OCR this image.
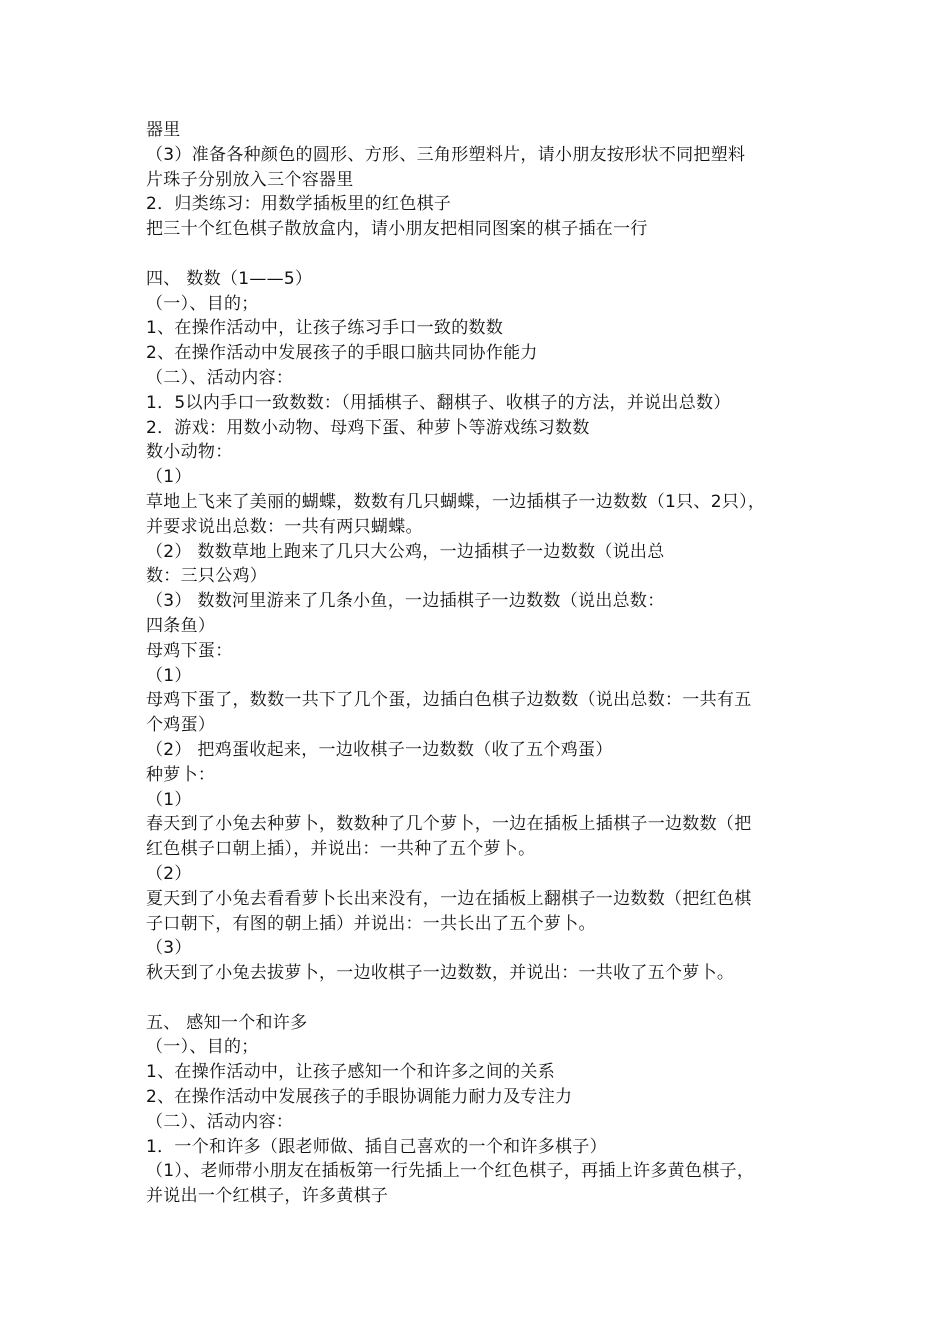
器里
（3）准备各种颜色的圆形、方形、三角形塑料片，请小朋友按形状不同把塑料
片珠子分别放入三个容器里
2．归类练习：用数学插板里的红色棋子
把三十个红色棋子散放盒内，请小朋友把相同图案的棋子插在一行
四、 数数（1——5）
（一）、目的；
1、在操作活动中，让孩子练习手口一致的数数
2、在操作活动中发展孩子的手眼口脑共同协作能力
（二）、活动内容：
1．5以内手口一致数数：（用插棋子、翻棋子、收棋子的方法，并说出总数）
2．游戏：用数小动物、母鸡下蛋、种萝卜等游戏练习数数
数小动物：
（1）
草地上飞来了美丽的蝴蝶，数数有几只蝴蝶，一边插棋子一边数数（1只、2只），
并要求说出总数：一共有两只蝴蝶。
（2） 数数草地上跑来了几只大公鸡，一边插棋子一边数数（说出总
数：三只公鸡）
（3） 数数河里游来了几条小鱼，一边插棋子一边数数（说出总数：
四条鱼）
母鸡下蛋：
（1）
母鸡下蛋了，数数一共下了几个蛋，边插白色棋子边数数（说出总数：一共有五
个鸡蛋）
（2） 把鸡蛋收起来，一边收棋子一边数数（收了五个鸡蛋）
种萝卜：
（1）
春天到了小兔去种萝卜，数数种了几个萝卜，一边在插板上插棋子一边数数（把
红色棋子口朝上插），并说出：一共种了五个萝卜。
（2）
夏天到了小兔去看看萝卜长出来没有，一边在插板上翻棋子一边数数（把红色棋
子口朝下，有图的朝上插）并说出：一共长出了五个萝卜。
（3）
秋天到了小兔去拔萝卜，一边收棋子一边数数，并说出：一共收了五个萝卜。
五、 感知一个和许多
（一）、目的；
1、在操作活动中，让孩子感知一个和许多之间的关系
2、在操作活动中发展孩子的手眼协调能力耐力及专注力
（二）、活动内容：
1．一个和许多（跟老师做、插自己喜欢的一个和许多棋子）
（1）、老师带小朋友在插板第一行先插上一个红色棋子，再插上许多黄色棋子，
并说出一个红棋子，许多黄棋子
